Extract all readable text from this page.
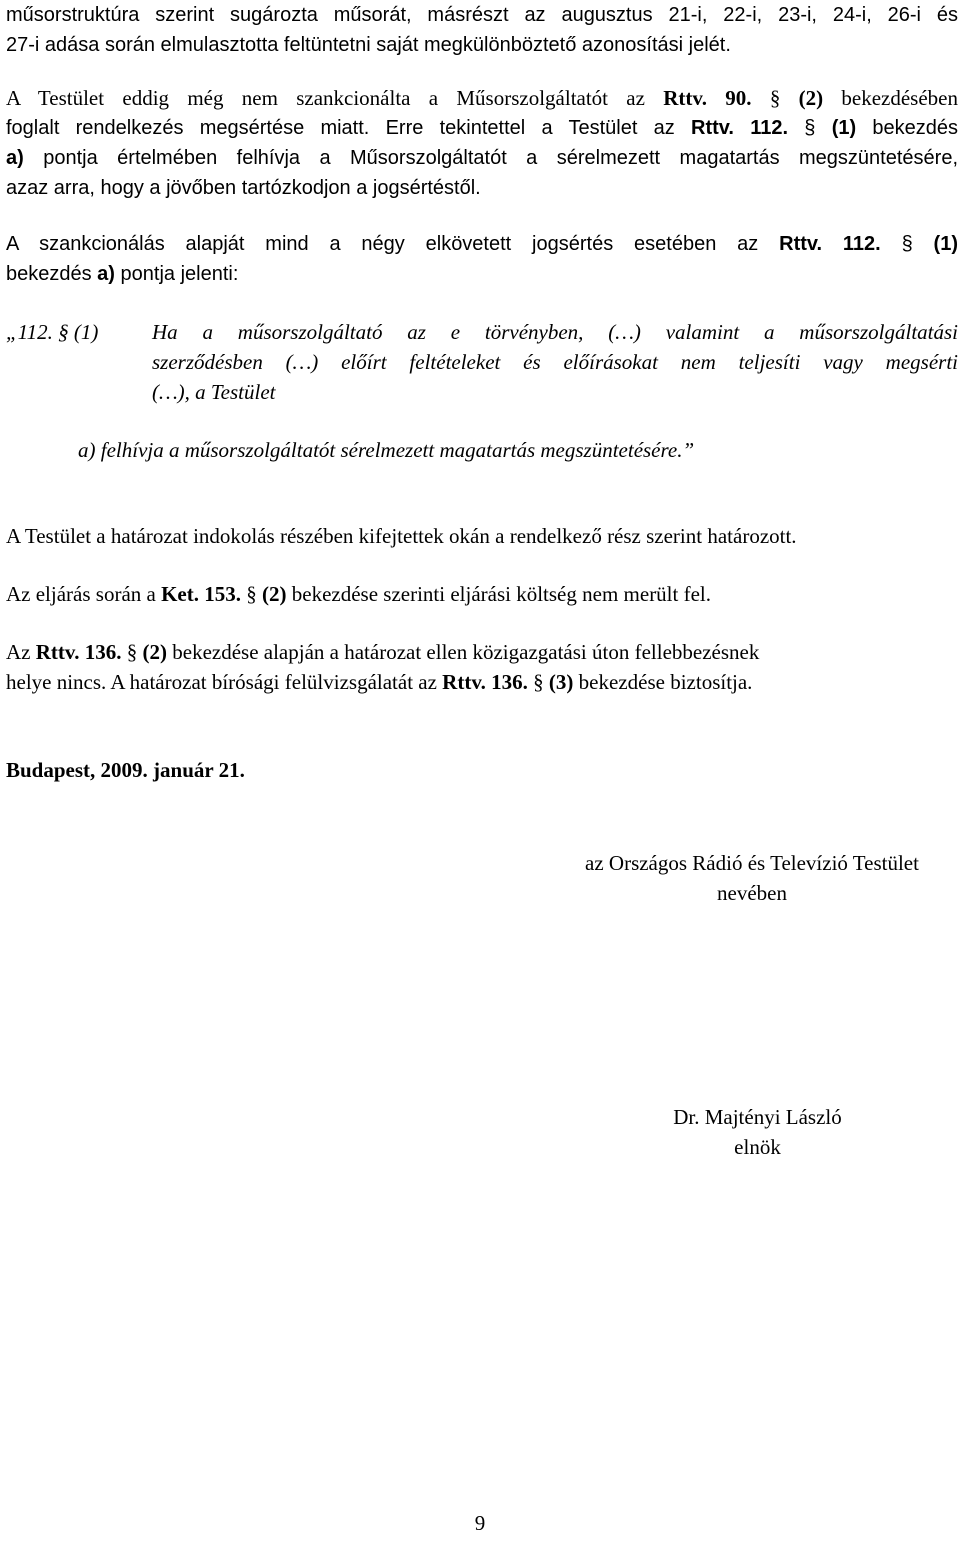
műsorstruktúra szerint sugározta műsorát, másrészt az augusztus 21-i, 22-i, 23-i, 24-i, 26-i és
27-i adása során elmulasztotta feltüntetni saját megkülönböztető azonosítási jelét.
A Testület eddig még nem szankcionálta a Műsorszolgáltatót az Rttv. 90. § (2) bekezdésében
foglalt rendelkezés megsértése miatt. Erre tekintettel a Testület az Rttv. 112. § (1) bekezdés
a) pontja értelmében felhívja a Műsorszolgáltatót a sérelmezett magatartás megszüntetésére,
azaz arra, hogy a jövőben tartózkodjon a jogsértéstől.
A szankcionálás alapját mind a négy elkövetett jogsértés esetében az Rttv. 112. § (1)
bekezdés a) pontja jelenti:
„112. § (1)	Ha a műsorszolgáltató az e törvényben, (…) valamint a műsorszolgáltatási
szerződésben (…) előírt feltételeket és előírásokat nem teljesíti vagy megsérti
(…), a Testület
a) felhívja a műsorszolgáltatót sérelmezett magatartás megszüntetésére.”
A Testület a határozat indokolás részében kifejtettek okán a rendelkező rész szerint határozott.
Az eljárás során a Ket. 153. § (2) bekezdése szerinti eljárási költség nem merült fel.
Az Rttv. 136. § (2) bekezdése alapján a határozat ellen közigazgatási úton fellebbezésnek
helye nincs. A határozat bírósági felülvizsgálatát az Rttv. 136. § (3) bekezdése biztosítja.
Budapest, 2009. január 21.
az Országos Rádió és Televízió Testület
nevében
Dr. Majtényi László
elnök
9
